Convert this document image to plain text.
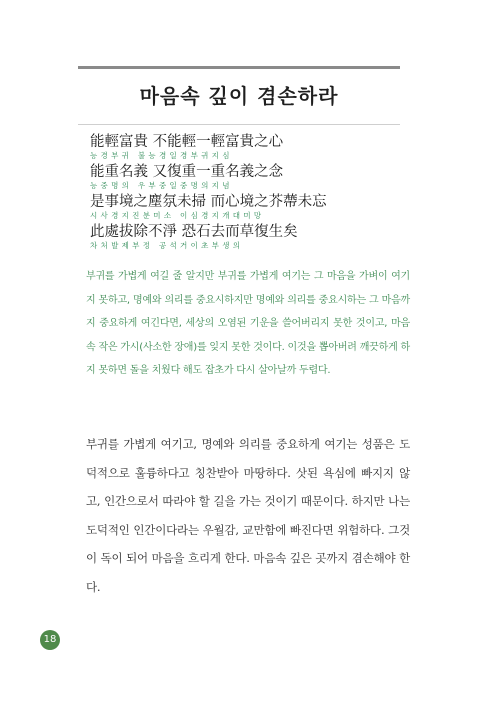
마음속 깊이 겸손하라
能輕富貴 不能輕一輕富貴之心
능경부귀 불능경일경부귀지심
能重名義 又復重一重名義之念
능중명의 우부중일중명의지념
是事境之塵氛未掃 而心境之芥蔕未忘
시사경지진분미소 이심경지개대미망
此處拔除不淨 恐石去而草復生矣
차처발제부정 공석거이초부생의
부귀를 가볍게 여길 줄 알지만 부귀를 가볍게 여기는 그 마음을 가벼이 여기지 못하고, 명예와 의리를 중요시하지만 명예와 의리를 중요시하는 그 마음까지 중요하게 여긴다면, 세상의 오염된 기운을 쓸어버리지 못한 것이고, 마음속 작은 가시(사소한 장애)를 잊지 못한 것이다. 이것을 뽑아버려 깨끗하게 하지 못하면 돌을 치웠다 해도 잡초가 다시 살아날까 두렵다.
부귀를 가볍게 여기고, 명예와 의리를 중요하게 여기는 성품은 도덕적으로 훌륭하다고 칭찬받아 마땅하다. 삿된 욕심에 빠지지 않고, 인간으로서 따라야 할 길을 가는 것이기 때문이다. 하지만 나는 도덕적인 인간이다라는 우월감, 교만함에 빠진다면 위험하다. 그것이 독이 되어 마음을 흐리게 한다. 마음속 깊은 곳까지 겸손해야 한다.
18
